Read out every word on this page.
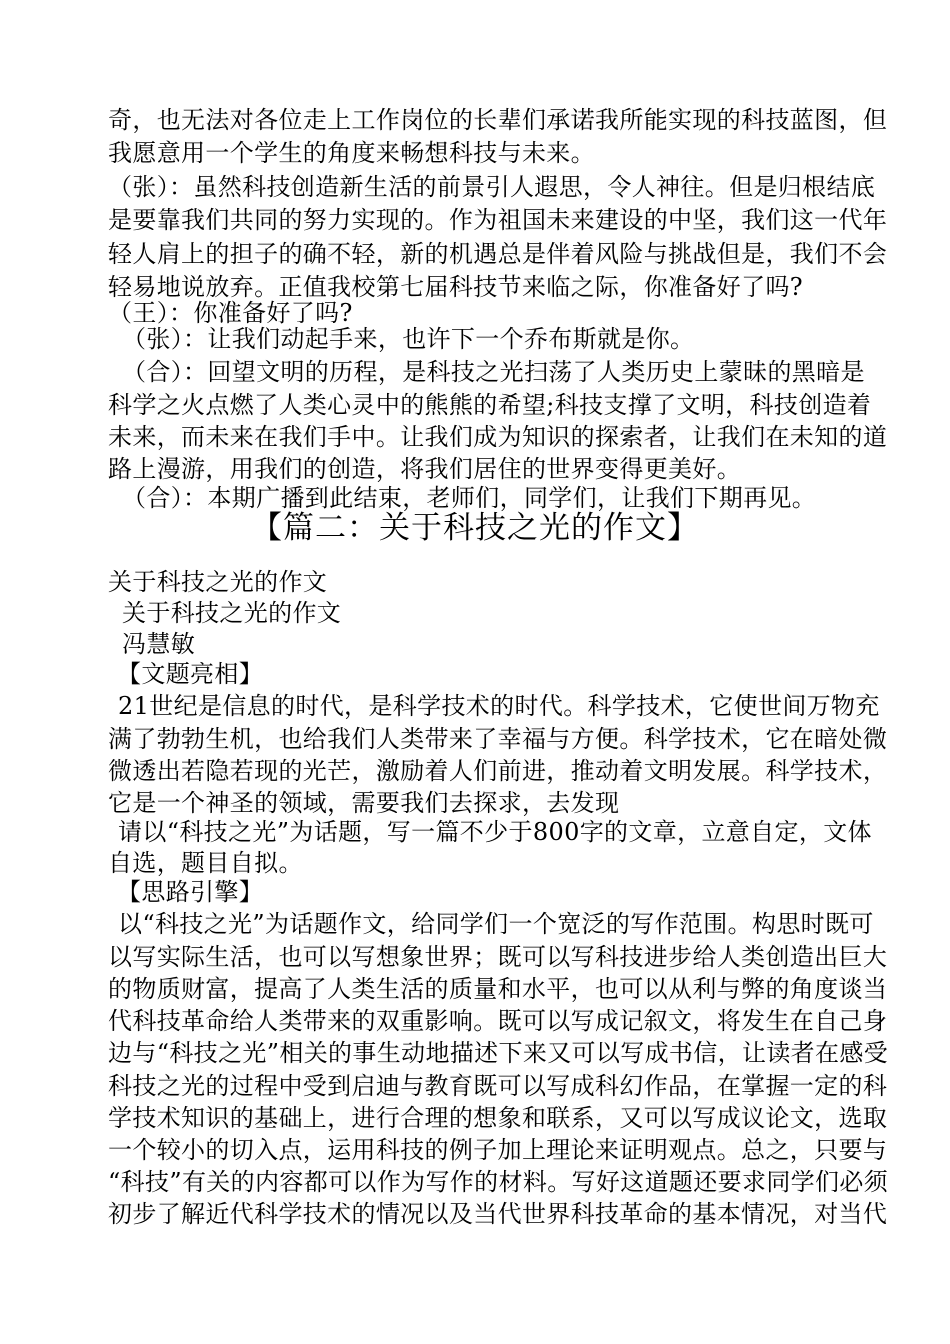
奇，也无法对各位走上工作岗位的长辈们承诺我所能实现的科技蓝图，但
我愿意用一个学生的角度来畅想科技与未来。
（张）：虽然科技创造新生活的前景引人遐思，令人神往。但是归根结底
是要靠我们共同的努力实现的。作为祖国未来建设的中坚，我们这一代年
轻人肩上的担子的确不轻，新的机遇总是伴着风险与挑战但是，我们不会
轻易地说放弃。正值我校第七届科技节来临之际，你准备好了吗?
（王）：你准备好了吗?
（张）：让我们动起手来，也许下一个乔布斯就是你。
（合）：回望文明的历程，是科技之光扫荡了人类历史上蒙昧的黑暗是
科学之火点燃了人类心灵中的熊熊的希望;科技支撑了文明，科技创造着
未来，而未来在我们手中。让我们成为知识的探索者，让我们在未知的道
路上漫游，用我们的创造，将我们居住的世界变得更美好。
（合）：本期广播到此结束，老师们，同学们，让我们下期再见。
【篇二：关于科技之光的作文】
关于科技之光的作文
关于科技之光的作文
冯慧敏
【文题亮相】
21世纪是信息的时代，是科学技术的时代。科学技术，它使世间万物充
满了勃勃生机，也给我们人类带来了幸福与方便。科学技术，它在暗处微
微透出若隐若现的光芒，激励着人们前进，推动着文明发展。科学技术，
它是一个神圣的领域，需要我们去探求，去发现
请以“科技之光”为话题，写一篇不少于800字的文章，立意自定，文体
自选，题目自拟。
【思路引擎】
以“科技之光”为话题作文，给同学们一个宽泛的写作范围。构思时既可
以写实际生活，也可以写想象世界；既可以写科技进步给人类创造出巨大
的物质财富，提高了人类生活的质量和水平，也可以从利与弊的角度谈当
代科技革命给人类带来的双重影响。既可以写成记叙文，将发生在自己身
边与“科技之光”相关的事生动地描述下来又可以写成书信，让读者在感受
科技之光的过程中受到启迪与教育既可以写成科幻作品，在掌握一定的科
学技术知识的基础上，进行合理的想象和联系，又可以写成议论文，选取
一个较小的切入点，运用科技的例子加上理论来证明观点。总之，只要与
“科技”有关的内容都可以作为写作的材料。写好这道题还要求同学们必须
初步了解近代科学技术的情况以及当代世界科技革命的基本情况，对当代
